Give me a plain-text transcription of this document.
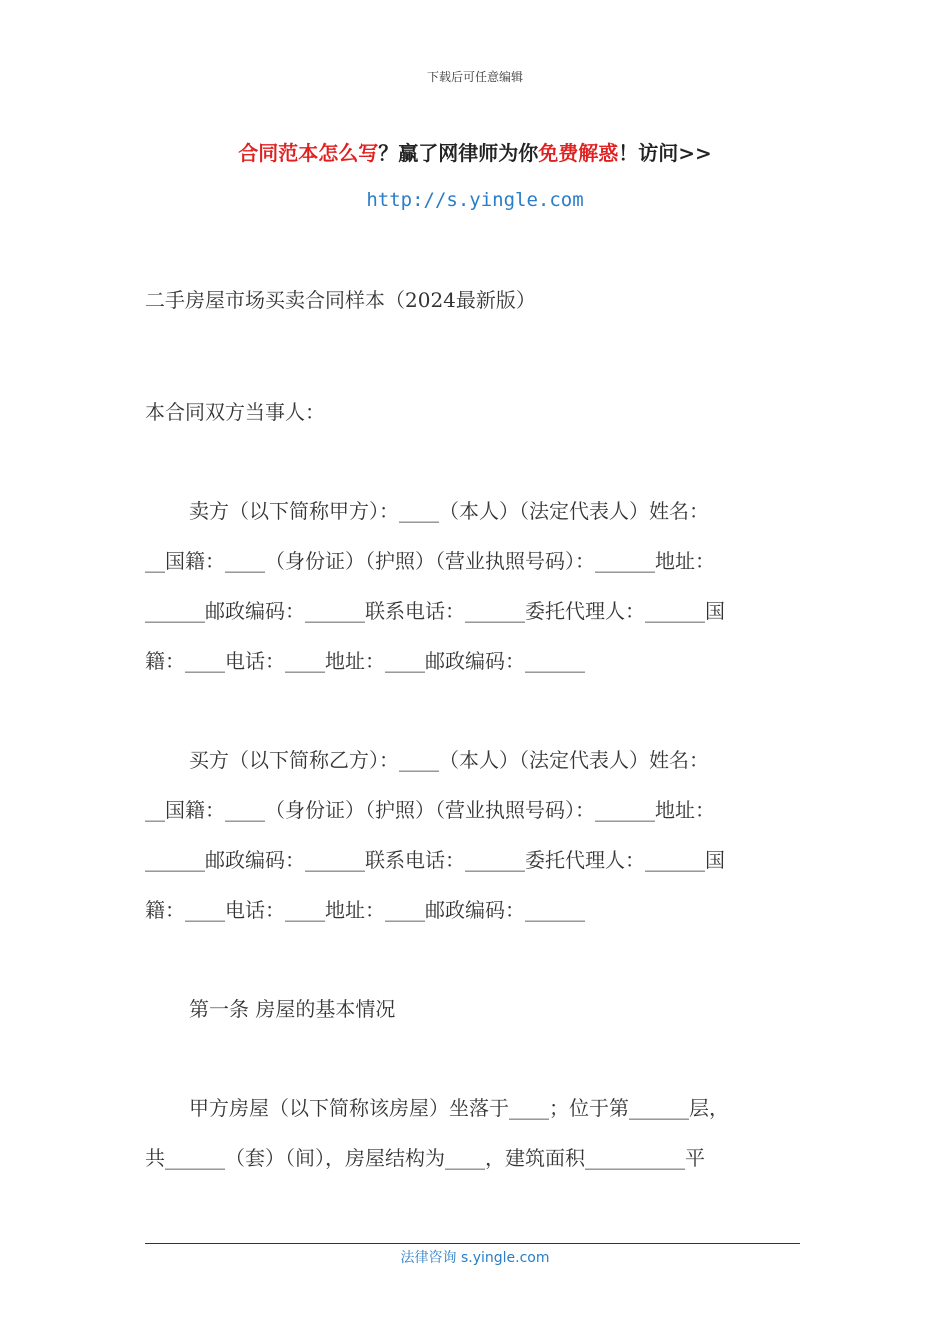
下载后可任意编辑
合同范本怎么写？赢了网律师为你免费解惑！访问>>
http://s.yingle.com
二手房屋市场买卖合同样本（2024最新版）
本合同双方当事人：
卖方（以下简称甲方）：____（本人）（法定代表人）姓名：
__国籍：____（身份证）（护照）（营业执照号码）：______地址：
______邮政编码：______联系电话：______委托代理人：______国
籍：____电话：____地址：____邮政编码：______
买方（以下简称乙方）：____（本人）（法定代表人）姓名：
__国籍：____（身份证）（护照）（营业执照号码）：______地址：
______邮政编码：______联系电话：______委托代理人：______国
籍：____电话：____地址：____邮政编码：______
第一条 房屋的基本情况
甲方房屋（以下简称该房屋）坐落于____；位于第______层，
共______（套）（间），房屋结构为____，建筑面积__________平
法律咨询 s.yingle.com
